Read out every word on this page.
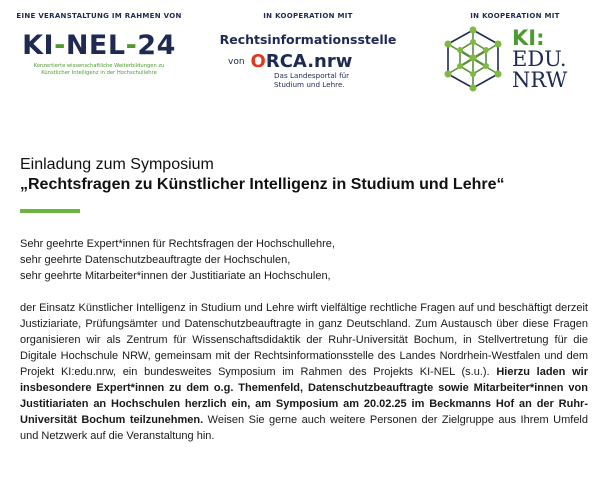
EINE VERANSTALTUNG IM RAHMEN VON
KI-NEL-24
Konzertierte wissenschaftliche Weiterbildungen zu
Künstlicher Intelligenz in der Hochschullehre
IN KOOPERATION MIT
Rechtsinformationsstelle
von ORCA.nrw
Das Landesportal für
Studium und Lehre.
IN KOOPERATION MIT
KI:
EDU.
NRW
Einladung zum Symposium
„Rechtsfragen zu Künstlicher Intelligenz in Studium und Lehre“
Sehr geehrte Expert*innen für Rechtsfragen der Hochschullehre,
sehr geehrte Datenschutzbeauftragte der Hochschulen,
sehr geehrte Mitarbeiter*innen der Justitiariate an Hochschulen,
der Einsatz Künstlicher Intelligenz in Studium und Lehre wirft vielfältige rechtliche Fragen auf und beschäftigt derzeit Justiziariate, Prüfungsämter und Datenschutzbeauftragte in ganz Deutschland. Zum Austausch über diese Fragen organisieren wir als Zentrum für Wissenschaftsdidaktik der Ruhr-Universität Bochum, in Stellvertretung für die Digitale Hochschule NRW, gemeinsam mit der Rechtsinformationsstelle des Landes Nordrhein-Westfalen und dem Projekt KI:edu.nrw, ein bundesweites Symposium im Rahmen des Projekts KI-NEL (s.u.). Hierzu laden wir insbesondere Expert*innen zu dem o.g. Themenfeld, Datenschutzbeauftragte sowie Mitarbeiter*innen von Justitiariaten an Hochschulen herzlich ein, am Symposium am 20.02.25 im Beckmanns Hof an der Ruhr-Universität Bochum teilzunehmen. Weisen Sie gerne auch weitere Personen der Zielgruppe aus Ihrem Umfeld und Netzwerk auf die Veranstaltung hin.
